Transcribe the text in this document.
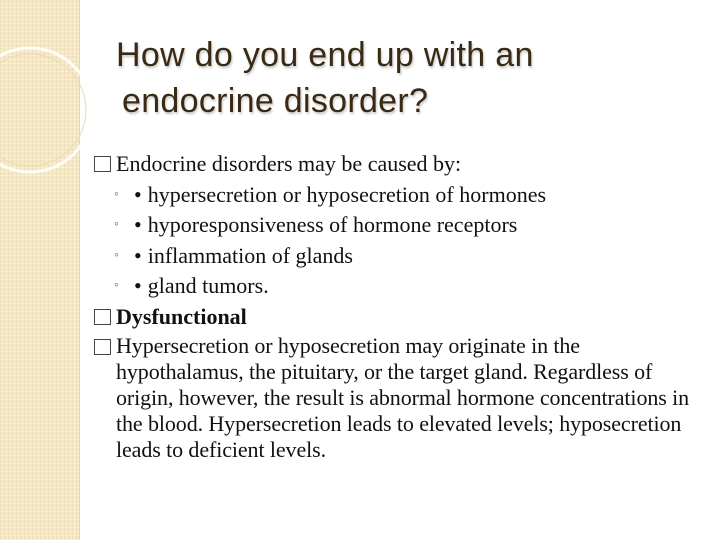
How do you end up with an
endocrine disorder?
Endocrine disorders may be caused by:
◦ • hypersecretion or hyposecretion of hormones
◦ • hyporesponsiveness of hormone receptors
◦ • inflammation of glands
◦ • gland tumors.
Dysfunctional
Hypersecretion or hyposecretion may originate in the hypothalamus, the pituitary, or the target gland. Regardless of origin, however, the result is abnormal hormone concentrations in the blood. Hypersecretion leads to elevated levels; hyposecretion leads to deficient levels.
